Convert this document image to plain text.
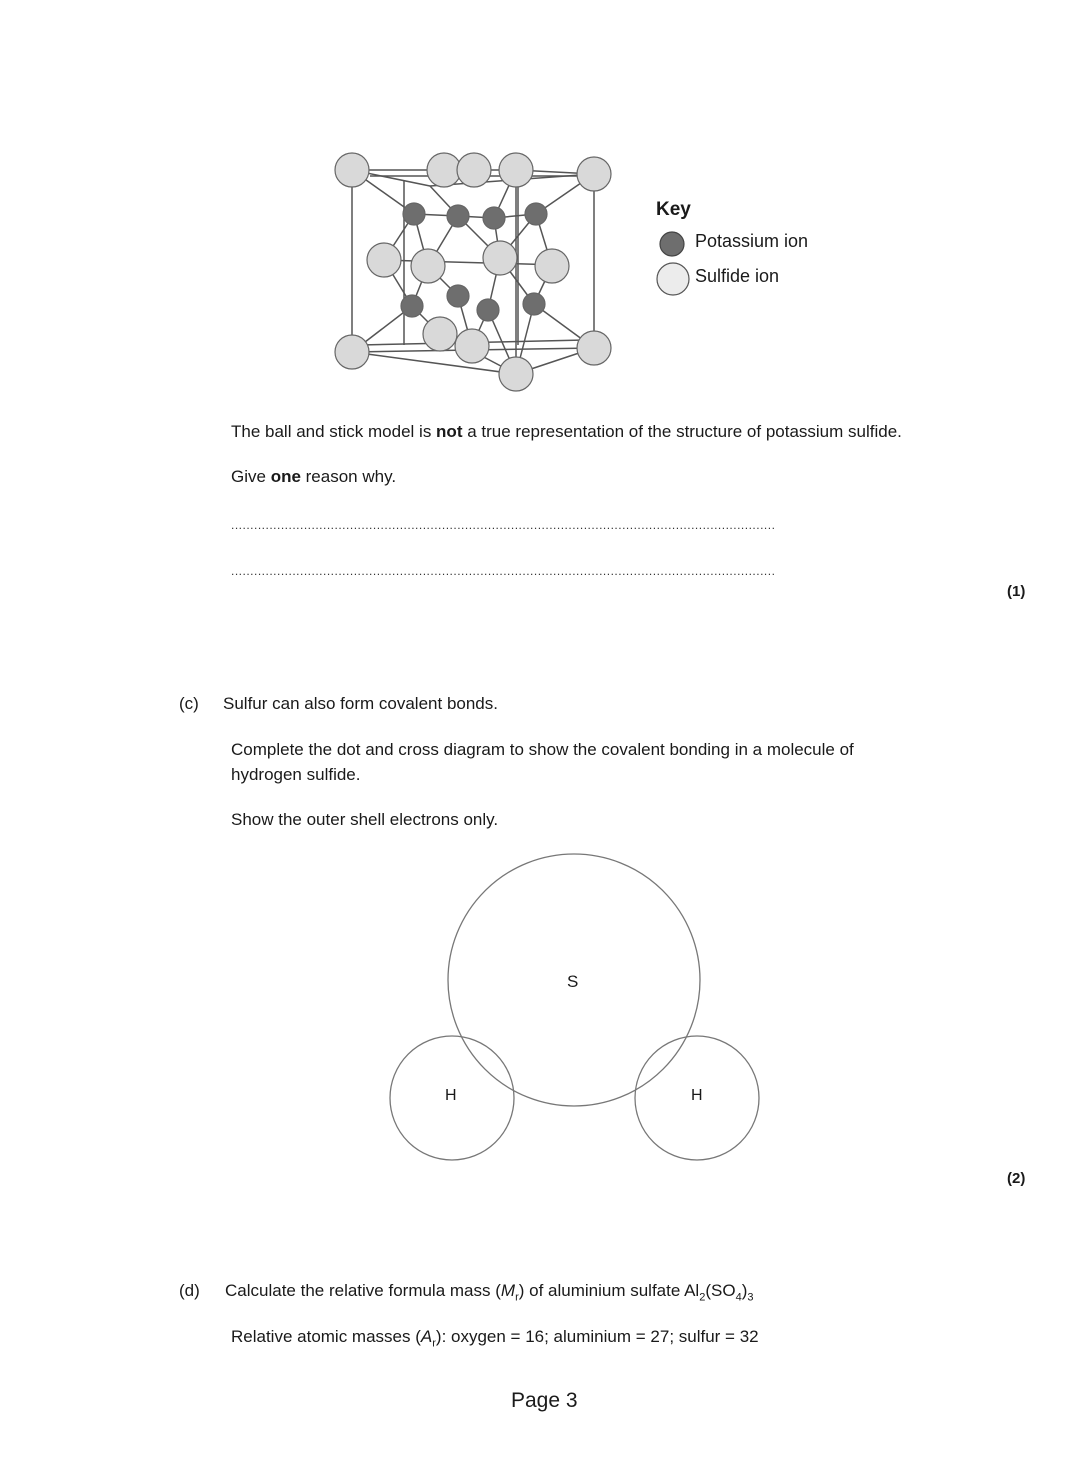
Key
Potassium ion
Sulfide ion
The ball and stick model is not a true representation of the structure of potassium sulfide.
Give one reason why.
..............................................................................................................................................
..............................................................................................................................................
(1)
(c) Sulfur can also form covalent bonds.
Complete the dot and cross diagram to show the covalent bonding in a molecule of
hydrogen sulfide.
Show the outer shell electrons only.
S
H	H
(2)
(d) Calculate the relative formula mass $(M_r)$ of aluminium sulfate $Al_2(SO_4)_3$
Relative atomic masses $(A_r)$: oxygen = 16; aluminium = 27; sulfur = 32
Page 3
